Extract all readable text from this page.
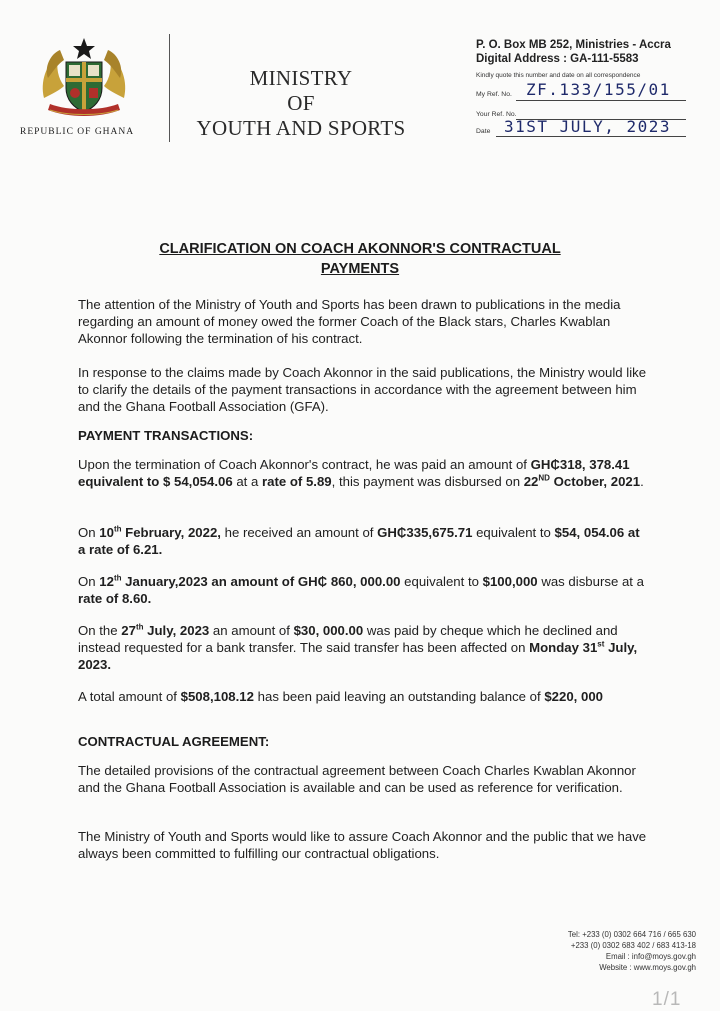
REPUBLIC OF GHANA
MINISTRY
OF
YOUTH AND SPORTS
P. O. Box MB 252, Ministries - Accra
Digital Address : GA-111-5583
Kindly quote this number and date on all correspondence
My Ref. No. ZF.133/155/01
Your Ref. No.
Date 31ST JULY, 2023
CLARIFICATION ON COACH AKONNOR'S CONTRACTUAL
PAYMENTS

The attention of the Ministry of Youth and Sports has been drawn to publications in the media regarding an amount of money owed the former Coach of the Black stars, Charles Kwablan Akonnor following the termination of his contract.

In response to the claims made by Coach Akonnor in the said publications, the Ministry would like to clarify the details of the payment transactions in accordance with the agreement between him and the Ghana Football Association (GFA).

PAYMENT TRANSACTIONS:

Upon the termination of Coach Akonnor's contract, he was paid an amount of GH₵318, 378.41 equivalent to $ 54,054.06 at a rate of 5.89, this payment was disbursed on 22ND October, 2021.

On 10th February, 2022, he received an amount of GH₵335,675.71 equivalent to $54, 054.06 at a rate of 6.21.

On 12th January,2023 an amount of GH₵ 860, 000.00 equivalent to $100,000 was disburse at a rate of 8.60.

On the 27th July, 2023 an amount of $30, 000.00 was paid by cheque which he declined and instead requested for a bank transfer. The said transfer has been affected on Monday 31st July, 2023.

A total amount of $508,108.12 has been paid leaving an outstanding balance of $220, 000

CONTRACTUAL AGREEMENT:

The detailed provisions of the contractual agreement between Coach Charles Kwablan Akonnor and the Ghana Football Association is available and can be used as reference for verification.

The Ministry of Youth and Sports would like to assure Coach Akonnor and the public that we have always been committed to fulfilling our contractual obligations.

Tel: +233 (0) 0302 664 716 / 665 630
+233 (0) 0302 683 402 / 683 413-18
Email : info@moys.gov.gh
Website : www.moys.gov.gh
1/1
